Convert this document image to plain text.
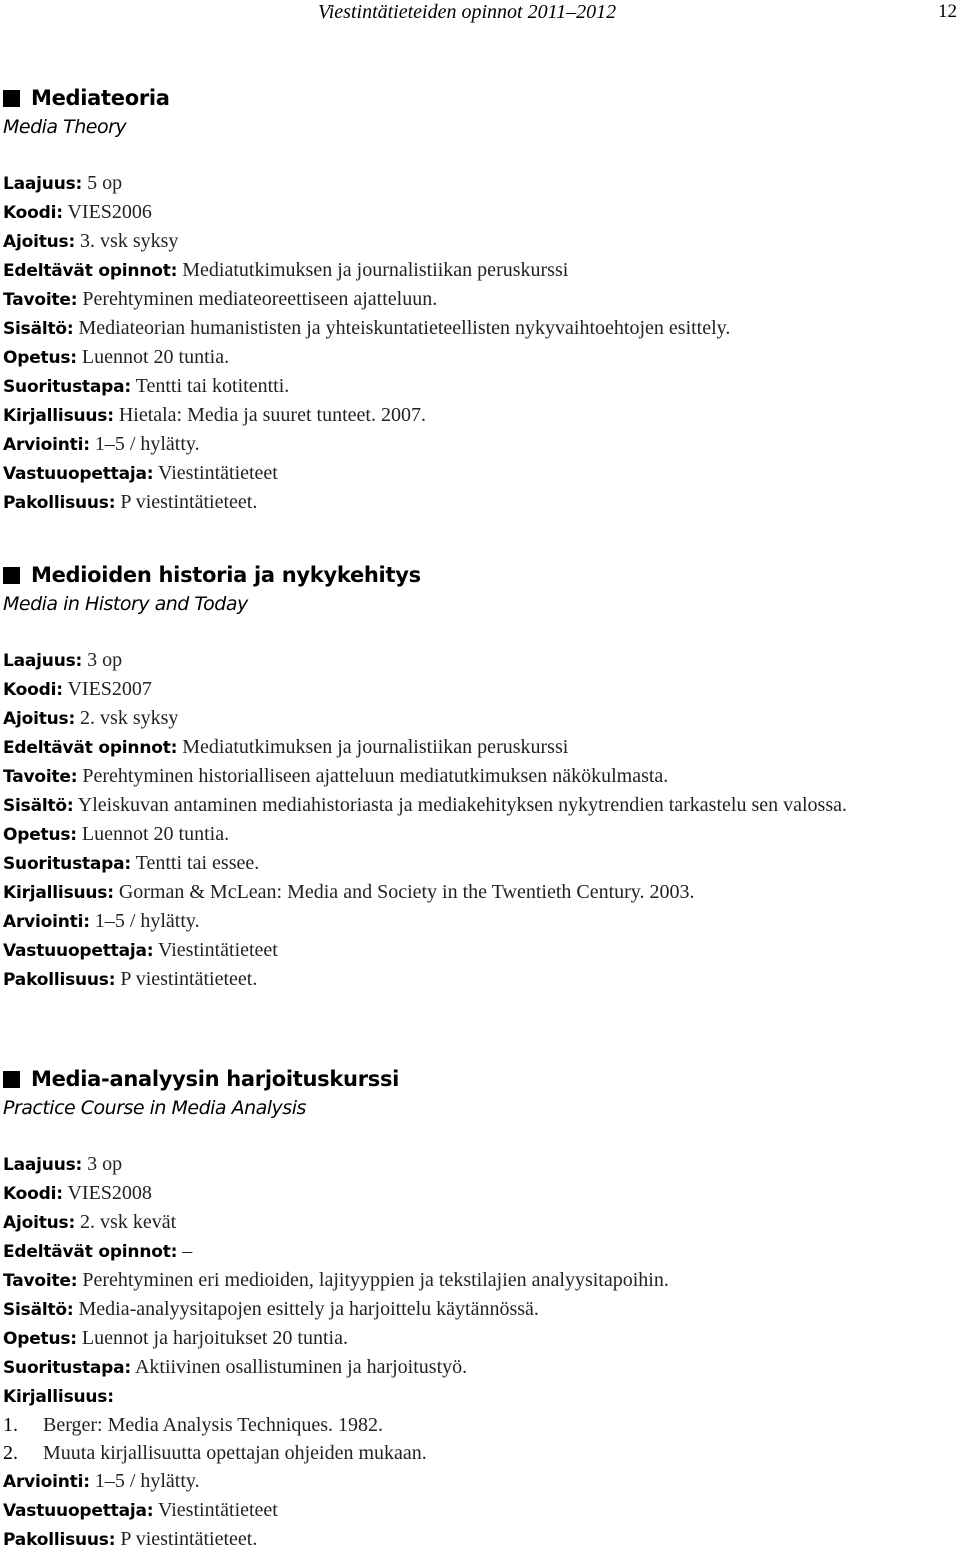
Viestintätieteiden opinnot 2011–2012	12
Mediateoria
Media Theory
Laajuus: 5 op
Koodi: VIES2006
Ajoitus: 3. vsk syksy
Edeltävät opinnot: Mediatutkimuksen ja journalistiikan peruskurssi
Tavoite: Perehtyminen mediateoreettiseen ajatteluun.
Sisältö: Mediateorian humanististen ja yhteiskuntatieteellisten nykyvaihtoehtojen esittely.
Opetus: Luennot 20 tuntia.
Suoritustapa: Tentti tai kotitentti.
Kirjallisuus: Hietala: Media ja suuret tunteet. 2007.
Arviointi: 1–5 / hylätty.
Vastuuopettaja: Viestintätieteet
Pakollisuus: P viestintätieteet.
Medioiden historia ja nykykehitys
Media in History and Today
Laajuus: 3 op
Koodi: VIES2007
Ajoitus: 2. vsk syksy
Edeltävät opinnot: Mediatutkimuksen ja journalistiikan peruskurssi
Tavoite: Perehtyminen historialliseen ajatteluun mediatutkimuksen näkökulmasta.
Sisältö: Yleiskuvan antaminen mediahistoriasta ja mediakehityksen nykytrendien tarkastelu sen valossa.
Opetus: Luennot 20 tuntia.
Suoritustapa: Tentti tai essee.
Kirjallisuus: Gorman & McLean: Media and Society in the Twentieth Century. 2003.
Arviointi: 1–5 / hylätty.
Vastuuopettaja: Viestintätieteet
Pakollisuus: P viestintätieteet.
Media-analyysin harjoituskurssi
Practice Course in Media Analysis
Laajuus: 3 op
Koodi: VIES2008
Ajoitus: 2. vsk kevät
Edeltävät opinnot: –
Tavoite: Perehtyminen eri medioiden, lajityyppien ja tekstilajien analyysitapoihin.
Sisältö: Media-analyysitapojen esittely ja harjoittelu käytännössä.
Opetus: Luennot ja harjoitukset 20 tuntia.
Suoritustapa: Aktiivinen osallistuminen ja harjoitustyö.
Kirjallisuus:
1. Berger: Media Analysis Techniques. 1982.
2. Muuta kirjallisuutta opettajan ohjeiden mukaan.
Arviointi: 1–5 / hylätty.
Vastuuopettaja: Viestintätieteet
Pakollisuus: P viestintätieteet.
